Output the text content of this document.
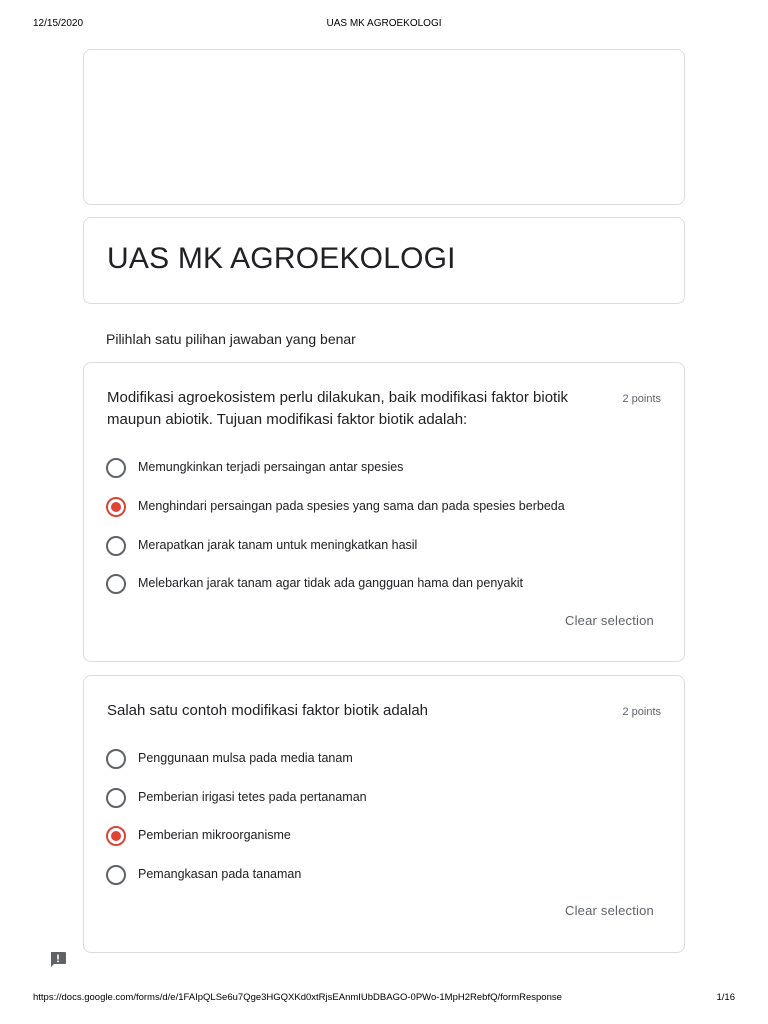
12/15/2020	UAS MK AGROEKOLOGI
UAS MK AGROEKOLOGI
Pilihlah satu pilihan jawaban yang benar
Modifikasi agroekosistem perlu dilakukan, baik modifikasi faktor biotik maupun abiotik. Tujuan modifikasi faktor biotik adalah:
2 points
Memungkinkan terjadi persaingan antar spesies
Menghindari persaingan pada spesies yang sama dan pada spesies berbeda
Merapatkan jarak tanam untuk meningkatkan hasil
Melebarkan jarak tanam agar tidak ada gangguan hama dan penyakit
Clear selection
Salah satu contoh modifikasi faktor biotik adalah	2 points
Penggunaan mulsa pada media tanam
Pemberian irigasi tetes pada pertanaman
Pemberian mikroorganisme
Pemangkasan pada tanaman
Clear selection
https://docs.google.com/forms/d/e/1FAIpQLSe6u7Qge3HGQXKd0xtRjsEAnmIUbDBAGO-0PWo-1MpH2RebfQ/formResponse	1/16
